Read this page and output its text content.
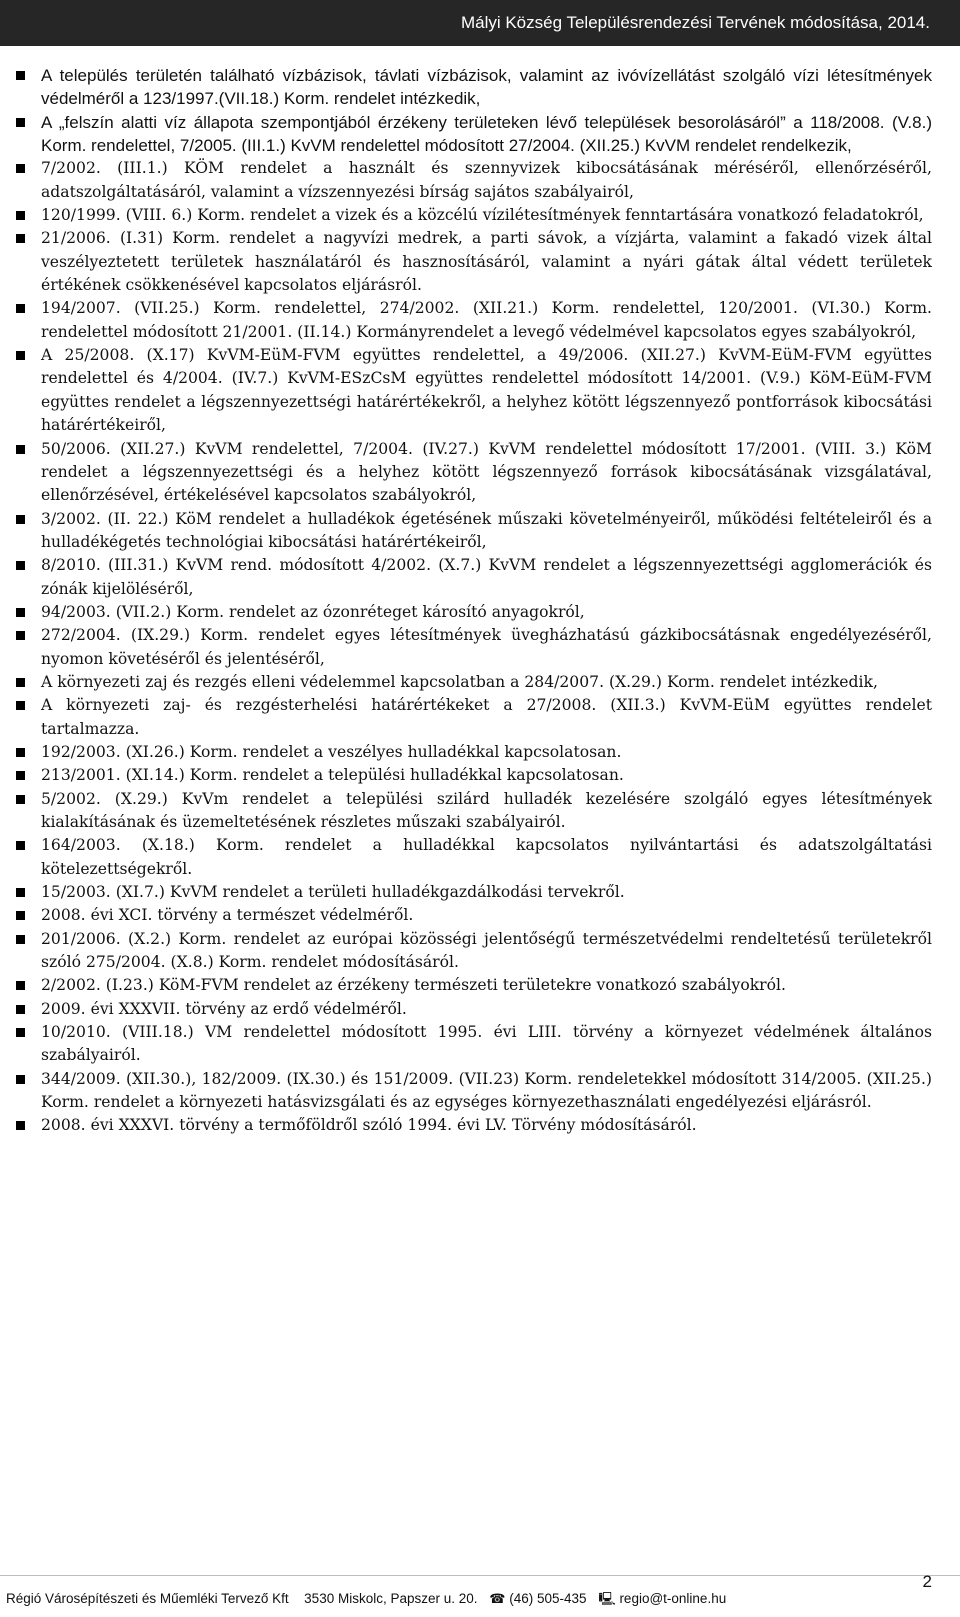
Mályi Község Településrendezési Tervének módosítása, 2014.
A település területén található vízbázisok, távlati vízbázisok, valamint az ivóvízellátást szolgáló vízi létesítmények védelméről a 123/1997.(VII.18.) Korm. rendelet intézkedik,
A „felszín alatti víz állapota szempontjából érzékeny területeken lévő települések besorolásáról” a 118/2008. (V.8.) Korm. rendelettel, 7/2005. (III.1.) KvVM rendelettel módosított 27/2004. (XII.25.) KvVM rendelet rendelkezik,
7/2002. (III.1.) KÖM rendelet a használt és szennyvizek kibocsátásának méréséről, ellenőrzéséről, adatszolgáltatásáról, valamint a vízszennyezési bírság sajátos szabályairól,
120/1999. (VIII. 6.) Korm. rendelet a vizek és a közcélú vízilétesítmények fenntartására vonatkozó feladatokról,
21/2006. (I.31) Korm. rendelet a nagyvízi medrek, a parti sávok, a vízjárta, valamint a fakadó vizek által veszélyeztetett területek használatáról és hasznosításáról, valamint a nyári gátak által védett területek értékének csökkenésével kapcsolatos eljárásról.
194/2007. (VII.25.) Korm. rendelettel, 274/2002. (XII.21.) Korm. rendelettel, 120/2001. (VI.30.) Korm. rendelettel módosított 21/2001. (II.14.) Kormányrendelet a levegő védelmével kapcsolatos egyes szabályokról,
A 25/2008. (X.17) KvVM-EüM-FVM együttes rendelettel, a 49/2006. (XII.27.) KvVM-EüM-FVM együttes rendelettel és 4/2004. (IV.7.) KvVM-ESzCsM együttes rendelettel módosított 14/2001. (V.9.) KöM-EüM-FVM együttes rendelet a légszennyezettségi határértékekről, a helyhez kötött légszennyező pontforrások kibocsátási határértékeiről,
50/2006. (XII.27.) KvVM rendelettel, 7/2004. (IV.27.) KvVM rendelettel módosított 17/2001. (VIII. 3.) KöM rendelet a légszennyezettségi és a helyhez kötött légszennyező források kibocsátásának vizsgálatával, ellenőrzésével, értékelésével kapcsolatos szabályokról,
3/2002. (II. 22.) KöM rendelet a hulladékok égetésének műszaki követelményeiről, működési feltételeiről és a hulladékégetés technológiai kibocsátási határértékeiről,
8/2010. (III.31.) KvVM rend. módosított 4/2002. (X.7.) KvVM rendelet a légszennyezettségi agglomerációk és zónák kijelöléséről,
94/2003. (VII.2.) Korm. rendelet az ózonréteget károsító anyagokról,
272/2004. (IX.29.) Korm. rendelet egyes létesítmények üvegházhatású gázkibocsátásnak engedélyezéséről, nyomon követéséről és jelentéséről,
A környezeti zaj és rezgés elleni védelemmel kapcsolatban a 284/2007. (X.29.) Korm. rendelet intézkedik,
A környezeti zaj- és rezgésterhelési határértékeket a 27/2008. (XII.3.) KvVM-EüM együttes rendelet tartalmazza.
192/2003. (XI.26.) Korm. rendelet a veszélyes hulladékkal kapcsolatosan.
213/2001. (XI.14.) Korm. rendelet a települési hulladékkal kapcsolatosan.
5/2002. (X.29.) KvVm rendelet a települési szilárd hulladék kezelésére szolgáló egyes létesítmények kialakításának és üzemeltetésének részletes műszaki szabályairól.
164/2003. (X.18.) Korm. rendelet a hulladékkal kapcsolatos nyilvántartási és adatszolgáltatási kötelezettségekről.
15/2003. (XI.7.) KvVM rendelet a területi hulladékgazdálkodási tervekről.
2008. évi XCI. törvény a természet védelméről.
201/2006. (X.2.) Korm. rendelet az európai közösségi jelentőségű természetvédelmi rendeltetésű területekről szóló 275/2004. (X.8.) Korm. rendelet módosításáról.
2/2002. (I.23.) KöM-FVM rendelet az érzékeny természeti területekre vonatkozó szabályokról.
2009. évi XXXVII. törvény az erdő védelméről.
10/2010. (VIII.18.) VM rendelettel módosított 1995. évi LIII. törvény a környezet védelmének általános szabályairól.
344/2009. (XII.30.), 182/2009. (IX.30.) és 151/2009. (VII.23) Korm. rendeletekkel módosított 314/2005. (XII.25.) Korm. rendelet a környezeti hatásvizsgálati és az egységes környezethasználati engedélyezési eljárásról.
2008. évi XXXVI. törvény a termőföldről szóló 1994. évi LV. Törvény módosításáról.
Régió Városépítészeti és Műemléki Tervező Kft 3530 Miskolc, Papszer u. 20. ☎ (46) 505-435 🖳 regio@t-online.hu
2
